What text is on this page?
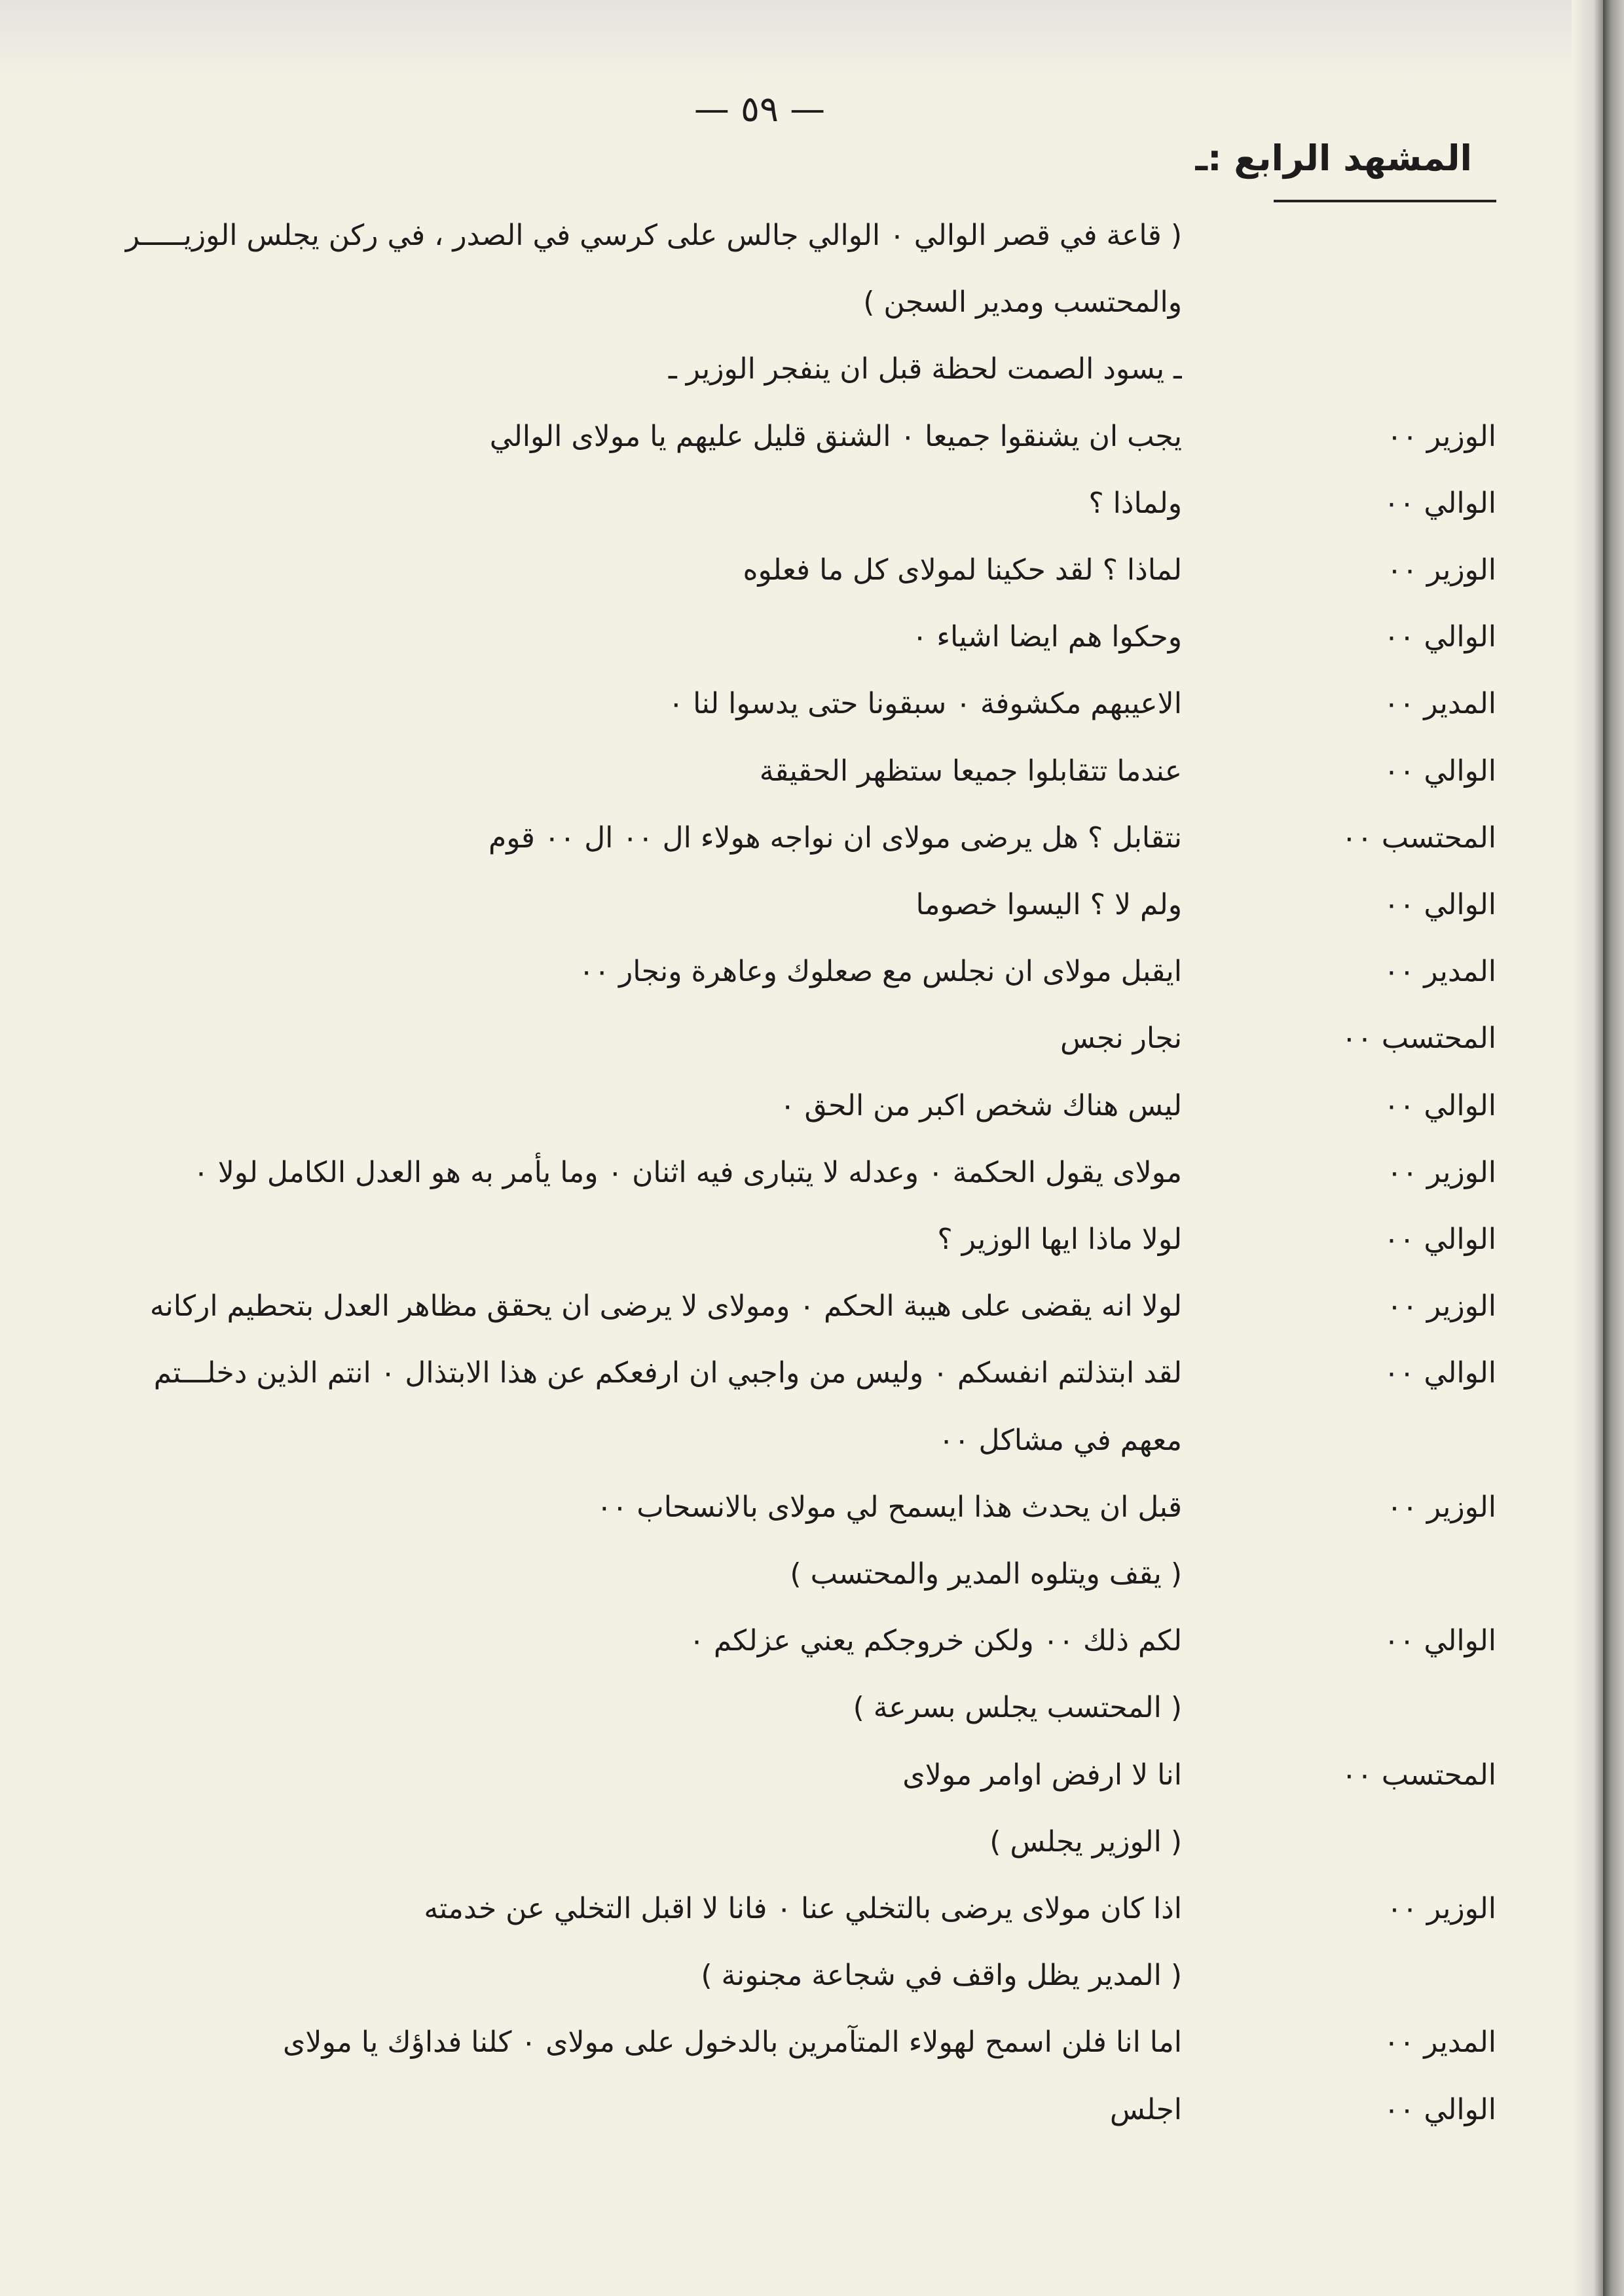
— ٥٩ —
المشهد الرابع :ـ
( قاعة في قصر الوالي ٠ الوالي جالس على كرسي في الصدر ، في ركن يجلس الوزيـــــر
والمحتسب ومدير السجن )
ـ يسود الصمت لحظة قبل ان ينفجر الوزير ـ
الوزير ٠٠
يجب ان يشنقوا جميعا ٠ الشنق قليل عليهم يا مولاى الوالي
الوالي ٠٠
ولماذا ؟
الوزير ٠٠
لماذا ؟ لقد حكينا لمولاى كل ما فعلوه
الوالي ٠٠
وحكوا هم ايضا اشياء ٠
المدير ٠٠
الاعيبهم مكشوفة ٠ سبقونا حتى يدسوا لنا ٠
الوالي ٠٠
عندما تتقابلوا جميعا ستظهر الحقيقة
المحتسب ٠٠
نتقابل ؟ هل يرضى مولاى ان نواجه هولاء ال ٠٠ ال ٠٠ قوم
الوالي ٠٠
ولم لا ؟ اليسوا خصوما
المدير ٠٠
ايقبل مولاى ان نجلس مع صعلوك وعاهرة ونجار ٠٠
المحتسب ٠٠
نجار نجس
الوالي ٠٠
ليس هناك شخص اكبر من الحق ٠
الوزير ٠٠
مولاى يقول الحكمة ٠ وعدله لا يتبارى فيه اثنان ٠ وما يأمر به هو العدل الكامل لولا ٠
الوالي ٠٠
لولا ماذا ايها الوزير ؟
الوزير ٠٠
لولا انه يقضى على هيبة الحكم ٠ ومولاى لا يرضى ان يحقق مظاهر العدل بتحطيم اركانه
الوالي ٠٠
لقد ابتذلتم انفسكم ٠ وليس من واجبي ان ارفعكم عن هذا الابتذال ٠ انتم الذين دخلـــتم
معهم في مشاكل ٠٠
الوزير ٠٠
قبل ان يحدث هذا ايسمح لي مولاى بالانسحاب ٠٠
( يقف ويتلوه المدير والمحتسب )
الوالي ٠٠
لكم ذلك ٠٠ ولكن خروجكم يعني عزلكم ٠
( المحتسب يجلس بسرعة )
المحتسب ٠٠
انا لا ارفض اوامر مولاى
( الوزير يجلس )
الوزير ٠٠
اذا كان مولاى يرضى بالتخلي عنا ٠ فانا لا اقبل التخلي عن خدمته
( المدير يظل واقف في شجاعة مجنونة )
المدير ٠٠
اما انا فلن اسمح لهولاء المتآمرين بالدخول على مولاى ٠ كلنا فداؤك يا مولاى
الوالي ٠٠
اجلس
